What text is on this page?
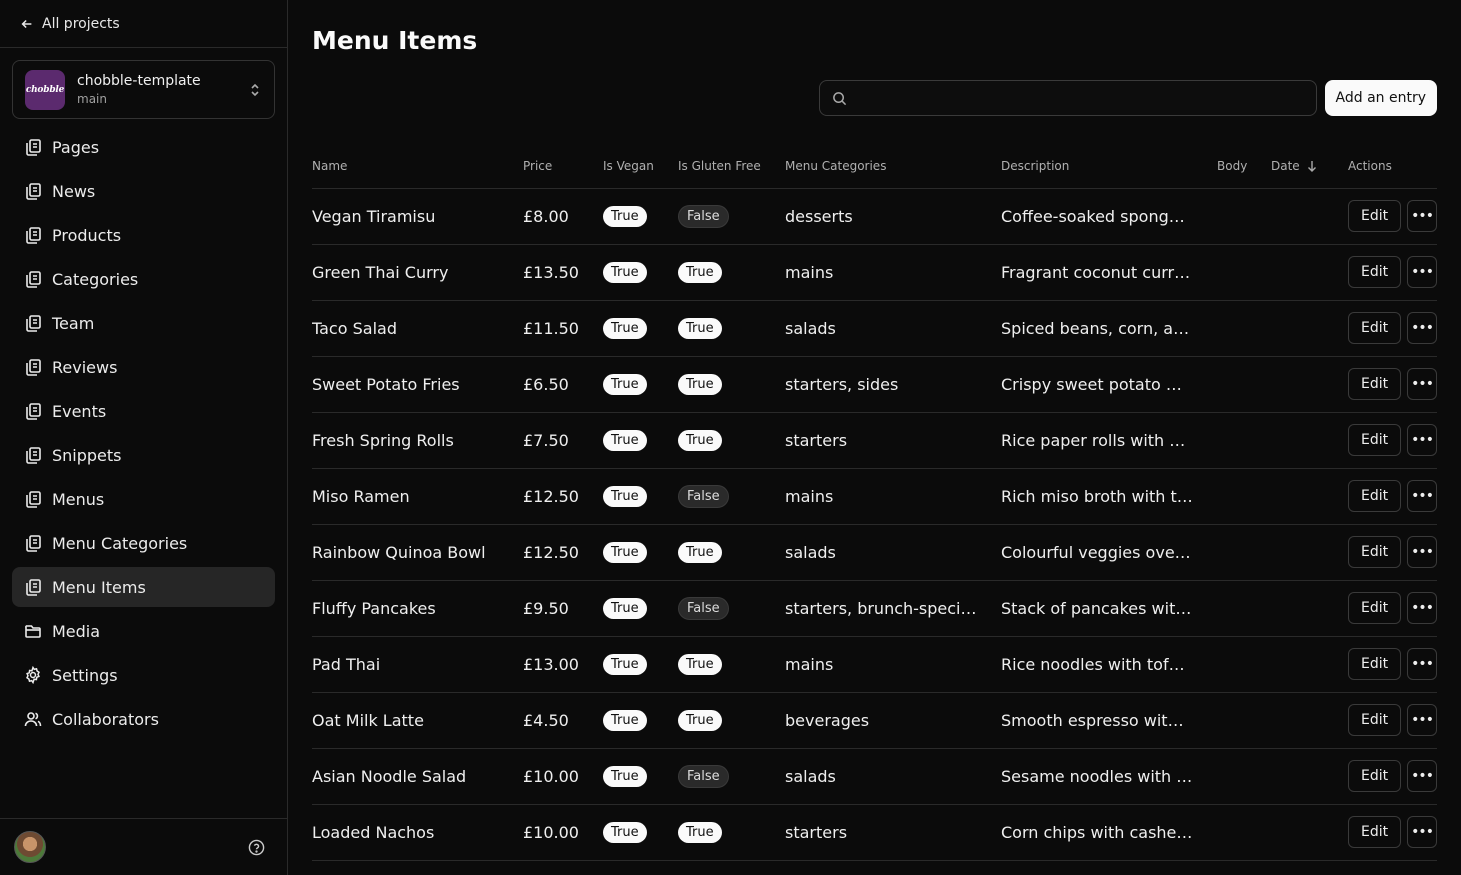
All projects
chobble
chobble-template
main
Pages
News
Products
Categories
Team
Reviews
Events
Snippets
Menus
Menu Categories
Menu Items
Media
Settings
Collaborators
Menu Items
Add an entry
Name	Price	Is Vegan	Is Gluten Free	Menu Categories	Description	Body	Date	Actions
Vegan Tiramisu	£8.00	True	False	desserts	Coffee-soaked spong…			Edit •••

Green Thai Curry	£13.50	True	True	mains	Fragrant coconut curr…			Edit •••

Taco Salad	£11.50	True	True	salads	Spiced beans, corn, a…			Edit •••

Sweet Potato Fries	£6.50	True	True	starters, sides	Crispy sweet potato …			Edit •••

Fresh Spring Rolls	£7.50	True	True	starters	Rice paper rolls with …			Edit •••

Miso Ramen	£12.50	True	False	mains	Rich miso broth with t…			Edit •••

Rainbow Quinoa Bowl	£12.50	True	True	salads	Colourful veggies ove…			Edit •••

Fluffy Pancakes	£9.50	True	False	starters, brunch-speci…	Stack of pancakes wit…			Edit •••

Pad Thai	£13.00	True	True	mains	Rice noodles with tof…			Edit •••

Oat Milk Latte	£4.50	True	True	beverages	Smooth espresso wit…			Edit •••

Asian Noodle Salad	£10.00	True	False	salads	Sesame noodles with …			Edit •••

Loaded Nachos	£10.00	True	True	starters	Corn chips with cashe…			Edit •••
